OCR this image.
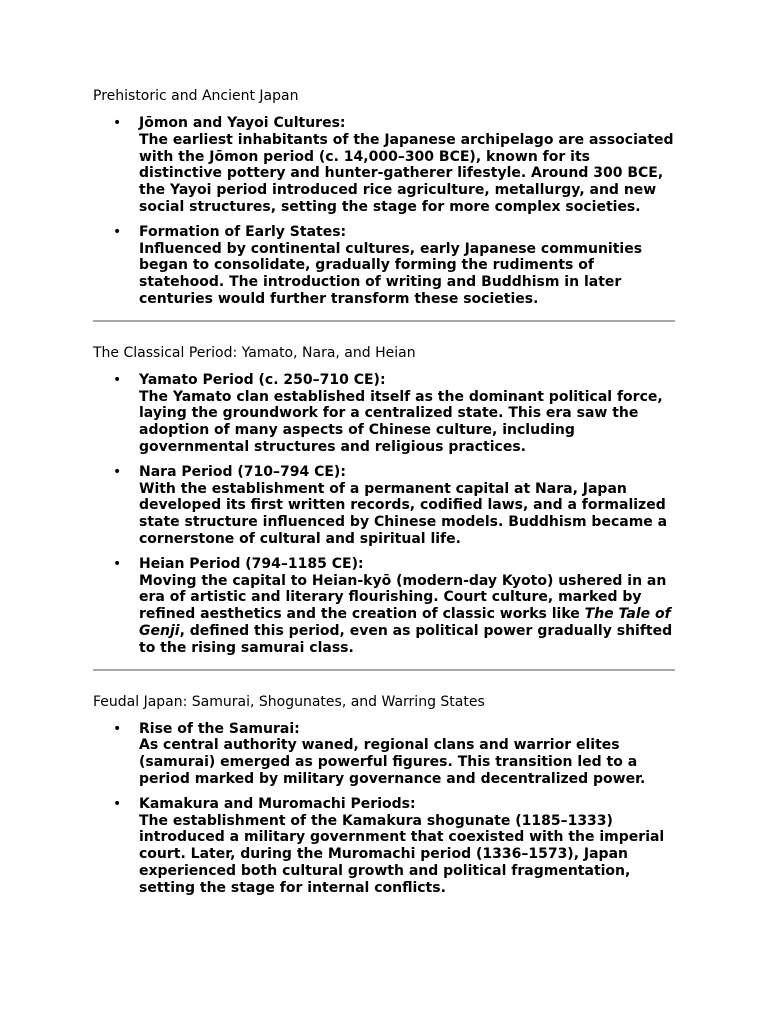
Prehistoric and Ancient Japan
• Jōmon and Yayoi Cultures:
The earliest inhabitants of the Japanese archipelago are associated with the Jōmon period (c. 14,000–300 BCE), known for its distinctive pottery and hunter-gatherer lifestyle. Around 300 BCE, the Yayoi period introduced rice agriculture, metallurgy, and new social structures, setting the stage for more complex societies.
• Formation of Early States:
Influenced by continental cultures, early Japanese communities began to consolidate, gradually forming the rudiments of statehood. The introduction of writing and Buddhism in later centuries would further transform these societies.
The Classical Period: Yamato, Nara, and Heian
• Yamato Period (c. 250–710 CE):
The Yamato clan established itself as the dominant political force, laying the groundwork for a centralized state. This era saw the adoption of many aspects of Chinese culture, including governmental structures and religious practices.
• Nara Period (710–794 CE):
With the establishment of a permanent capital at Nara, Japan developed its first written records, codified laws, and a formalized state structure influenced by Chinese models. Buddhism became a cornerstone of cultural and spiritual life.
• Heian Period (794–1185 CE):
Moving the capital to Heian-kyō (modern-day Kyoto) ushered in an era of artistic and literary flourishing. Court culture, marked by refined aesthetics and the creation of classic works like The Tale of Genji, defined this period, even as political power gradually shifted to the rising samurai class.
Feudal Japan: Samurai, Shogunates, and Warring States
• Rise of the Samurai:
As central authority waned, regional clans and warrior elites (samurai) emerged as powerful figures. This transition led to a period marked by military governance and decentralized power.
• Kamakura and Muromachi Periods:
The establishment of the Kamakura shogunate (1185–1333) introduced a military government that coexisted with the imperial court. Later, during the Muromachi period (1336–1573), Japan experienced both cultural growth and political fragmentation, setting the stage for internal conflicts.
